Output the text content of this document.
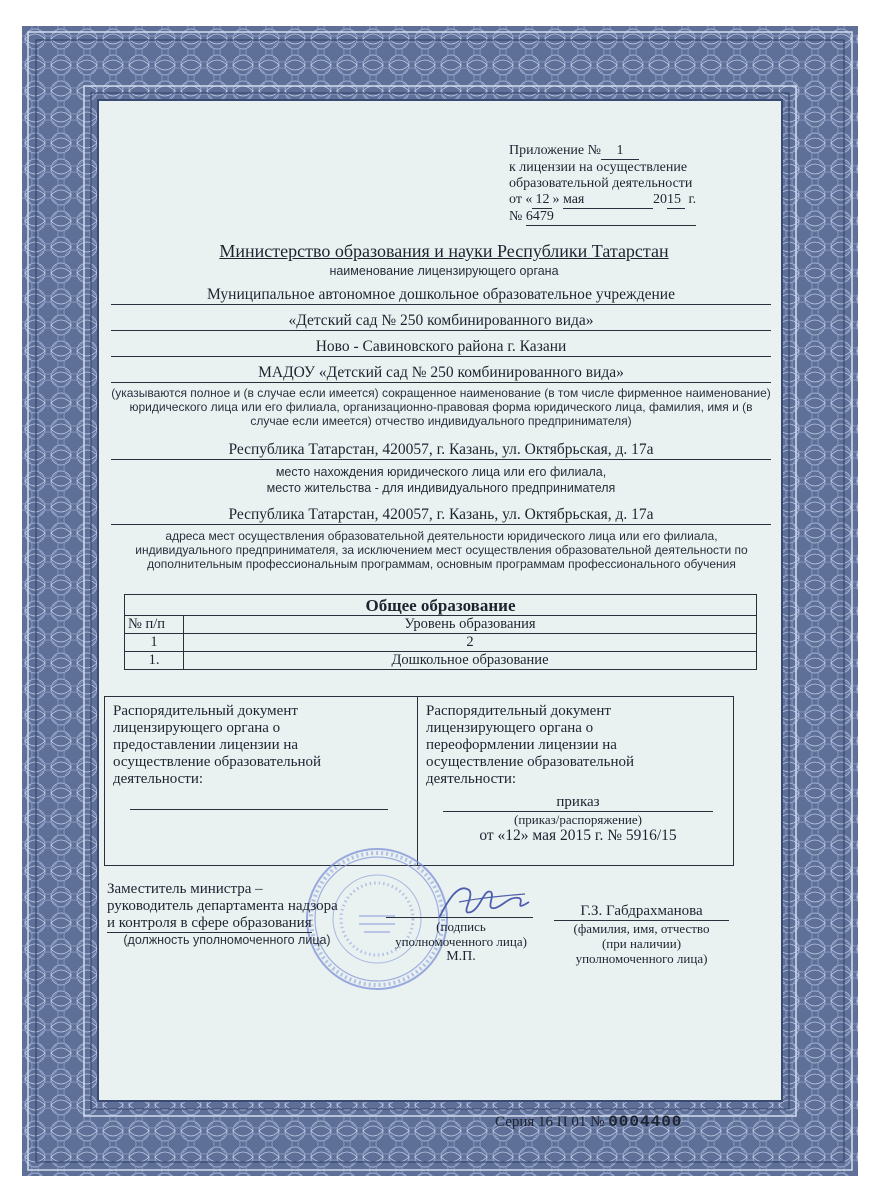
Приложение № 1
к лицензии на осуществление
образовательной деятельности
от « 12 » мая	2015 г.
№ 6479
Министерство образования и науки Республики Татарстан
наименование лицензирующего органа
Муниципальное автономное дошкольное образовательное учреждение
«Детский сад № 250 комбинированного вида»
Ново - Савиновского района г. Казани
МАДОУ «Детский сад № 250 комбинированного вида»
(указываются полное и (в случае если имеется) сокращенное наименование (в том числе фирменное наименование) юридического лица или его филиала, организационно-правовая форма юридического лица, фамилия, имя и (в случае если имеется) отчество индивидуального предпринимателя)
Республика Татарстан, 420057, г. Казань, ул. Октябрьская, д. 17а
место нахождения юридического лица или его филиала,
место жительства - для индивидуального предпринимателя
Республика Татарстан, 420057, г. Казань, ул. Октябрьская, д. 17а
адреса мест осуществления образовательной деятельности юридического лица или его филиала, индивидуального предпринимателя, за исключением мест осуществления образовательной деятельности по дополнительным профессиональным программам, основным программам профессионального обучения
Общее образование
№ п/п	Уровень образования
1	2
1.	Дошкольное образование
Распорядительный документ лицензирующего органа о предоставлении лицензии на осуществление образовательной деятельности:
Распорядительный документ лицензирующего органа о переоформлении лицензии на осуществление образовательной деятельности:
приказ
(приказ/распоряжение)
от «12» мая 2015 г. № 5916/15
Заместитель министра –
руководитель департамента надзора
и контроля в сфере образования
(должность уполномоченного лица)
(подпись
уполномоченного лица)
М.П.
Г.З. Габдрахманова
(фамилия, имя, отчество
(при наличии)
уполномоченного лица)
Серия 16 П 01 № 0004400
